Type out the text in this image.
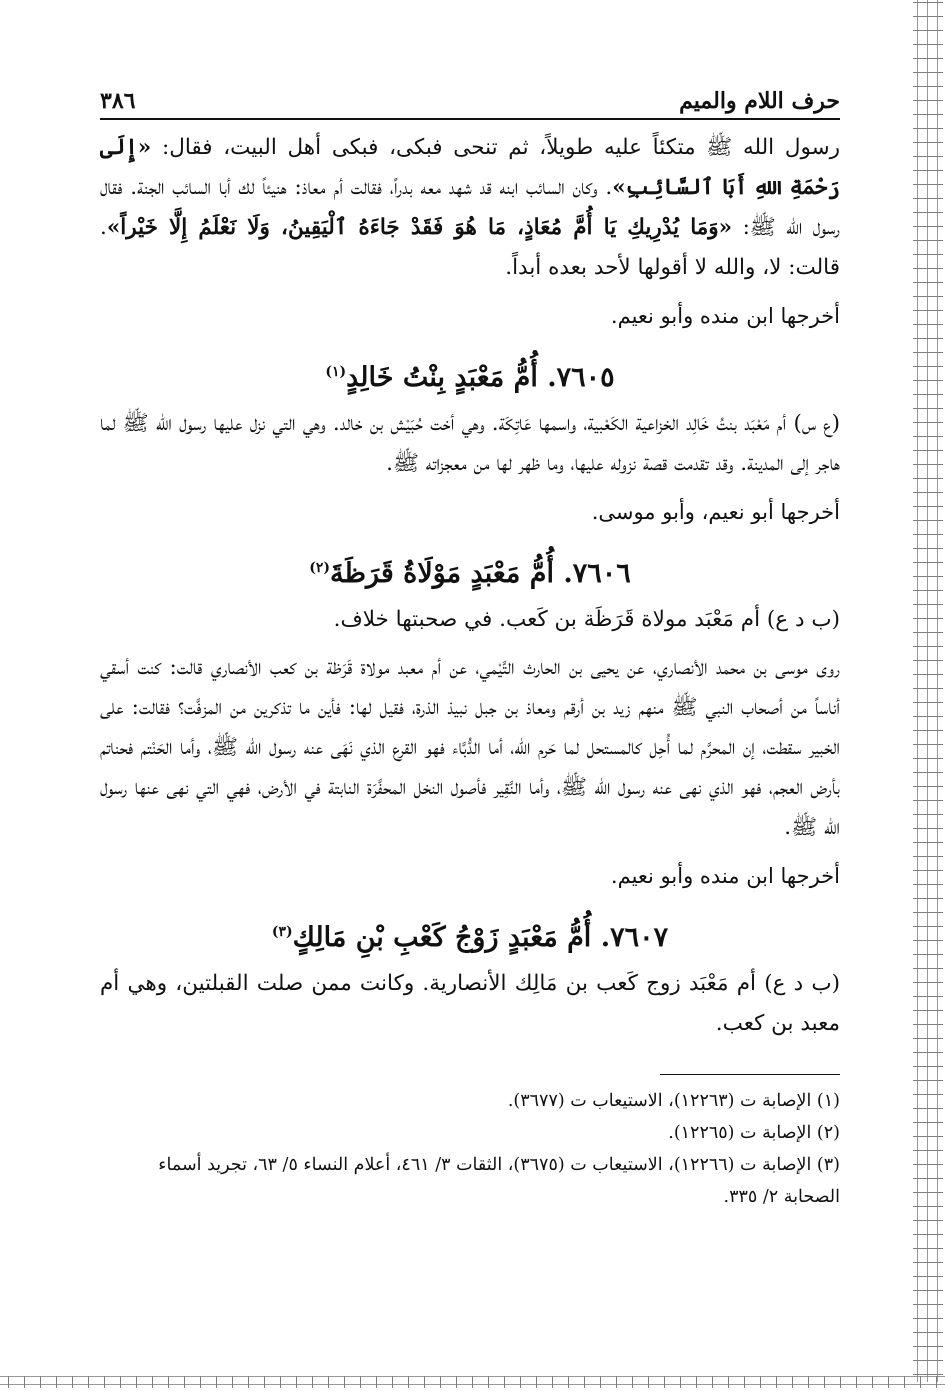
حرف اللام والميم
٣٨٦

رسول الله ﷺ متكئاً عليه طويلاً، ثم تنحى فبكى، فبكى أهل البيت، فقال: «إِلَى رَحْمَةِ اللهِ أَبَا ٱلسَّائِبِ». وكان السائب ابنه قد شهد معه بدراً، فقالت أم معاذ: هنيئاً لك أبا السائب الجنة. فقال رسول الله ﷺ: «وَمَا يُدْرِيكِ يَا أُمَّ مُعَاذٍ، مَا هُوَ فَقَدْ جَاءَهُ ٱلْيَقِينُ، وَلَا نَعْلَمُ إِلَّا خَيْراً». قالت: لا، والله لا أقولها لأحد بعده أبداً.

أخرجها ابن منده وأبو نعيم.

٧٦٠٥. أُمُّ مَعْبَدٍ بِنْتُ خَالِدٍ$^{(١)}$

(ع س) أم مَعْبَد بنتُ خَالِد الخزاعية الكَعْبية، واسمها عَاتِكَة. وهي أخت حُبَيْش بن خالد. وهي التي نزل عليها رسول الله ﷺ لما هاجر إلى المدينة. وقد تقدمت قصة نزوله عليها، وما ظهر لها من معجزاته ﷺ.

أخرجها أبو نعيم، وأبو موسى.

٧٦٠٦. أُمُّ مَعْبَدٍ مَوْلَاةُ قَرَظَةَ$^{(٢)}$

(ب د ع) أم مَعْبَد مولاة قَرَظَة بن كَعب. في صحبتها خلاف.

روى موسى بن محمد الأنصاري، عن يحيى بن الحارث التَّيْمي، عن أم معبد مولاة قَرَظة بن كعب الأنصاري قالت: كنت أسقي أناساً من أصحاب النبي ﷺ منهم زيد بن أرقم ومعاذ بن جبل نبيذ الذرة، فقيل لها: فأين ما تذكرين من المزفَّت؟ فقالت: على الخبير سقطت، إن المحرَّم لما أُحِل كالمستحل لما حَرم الله، أما الدُّبَّاء فهو القرع الذي نَهَى عنه رسول الله ﷺ، وأما الحَنْتم فحناتم بأرض العجم، فهو الذي نهى عنه رسول الله ﷺ، وأما النَّقِير فأصول النخل المحفَّرَة النابتة في الأرض، فهي التي نهى عنها رسول الله ﷺ.

أخرجها ابن منده وأبو نعيم.

٧٦٠٧. أُمُّ مَعْبَدٍ زَوْجُ كَعْبِ بْنِ مَالِكٍ$^{(٣)}$

(ب د ع) أم مَعْبَد زوج كَعب بن مَالِك الأنصارية. وكانت ممن صلت القبلتين، وهي أم معبد بن كعب.

(١) الإصابة ت (١٢٢٦٣)، الاستيعاب ت (٣٦٧٧).

(٢) الإصابة ت (١٢٢٦٥).

(٣) الإصابة ت (١٢٢٦٦)، الاستيعاب ت (٣٦٧٥)، الثقات ٣/ ٤٦١، أعلام النساء ٥/ ٦٣، تجريد أسماء الصحابة ٢/ ٣٣٥.
